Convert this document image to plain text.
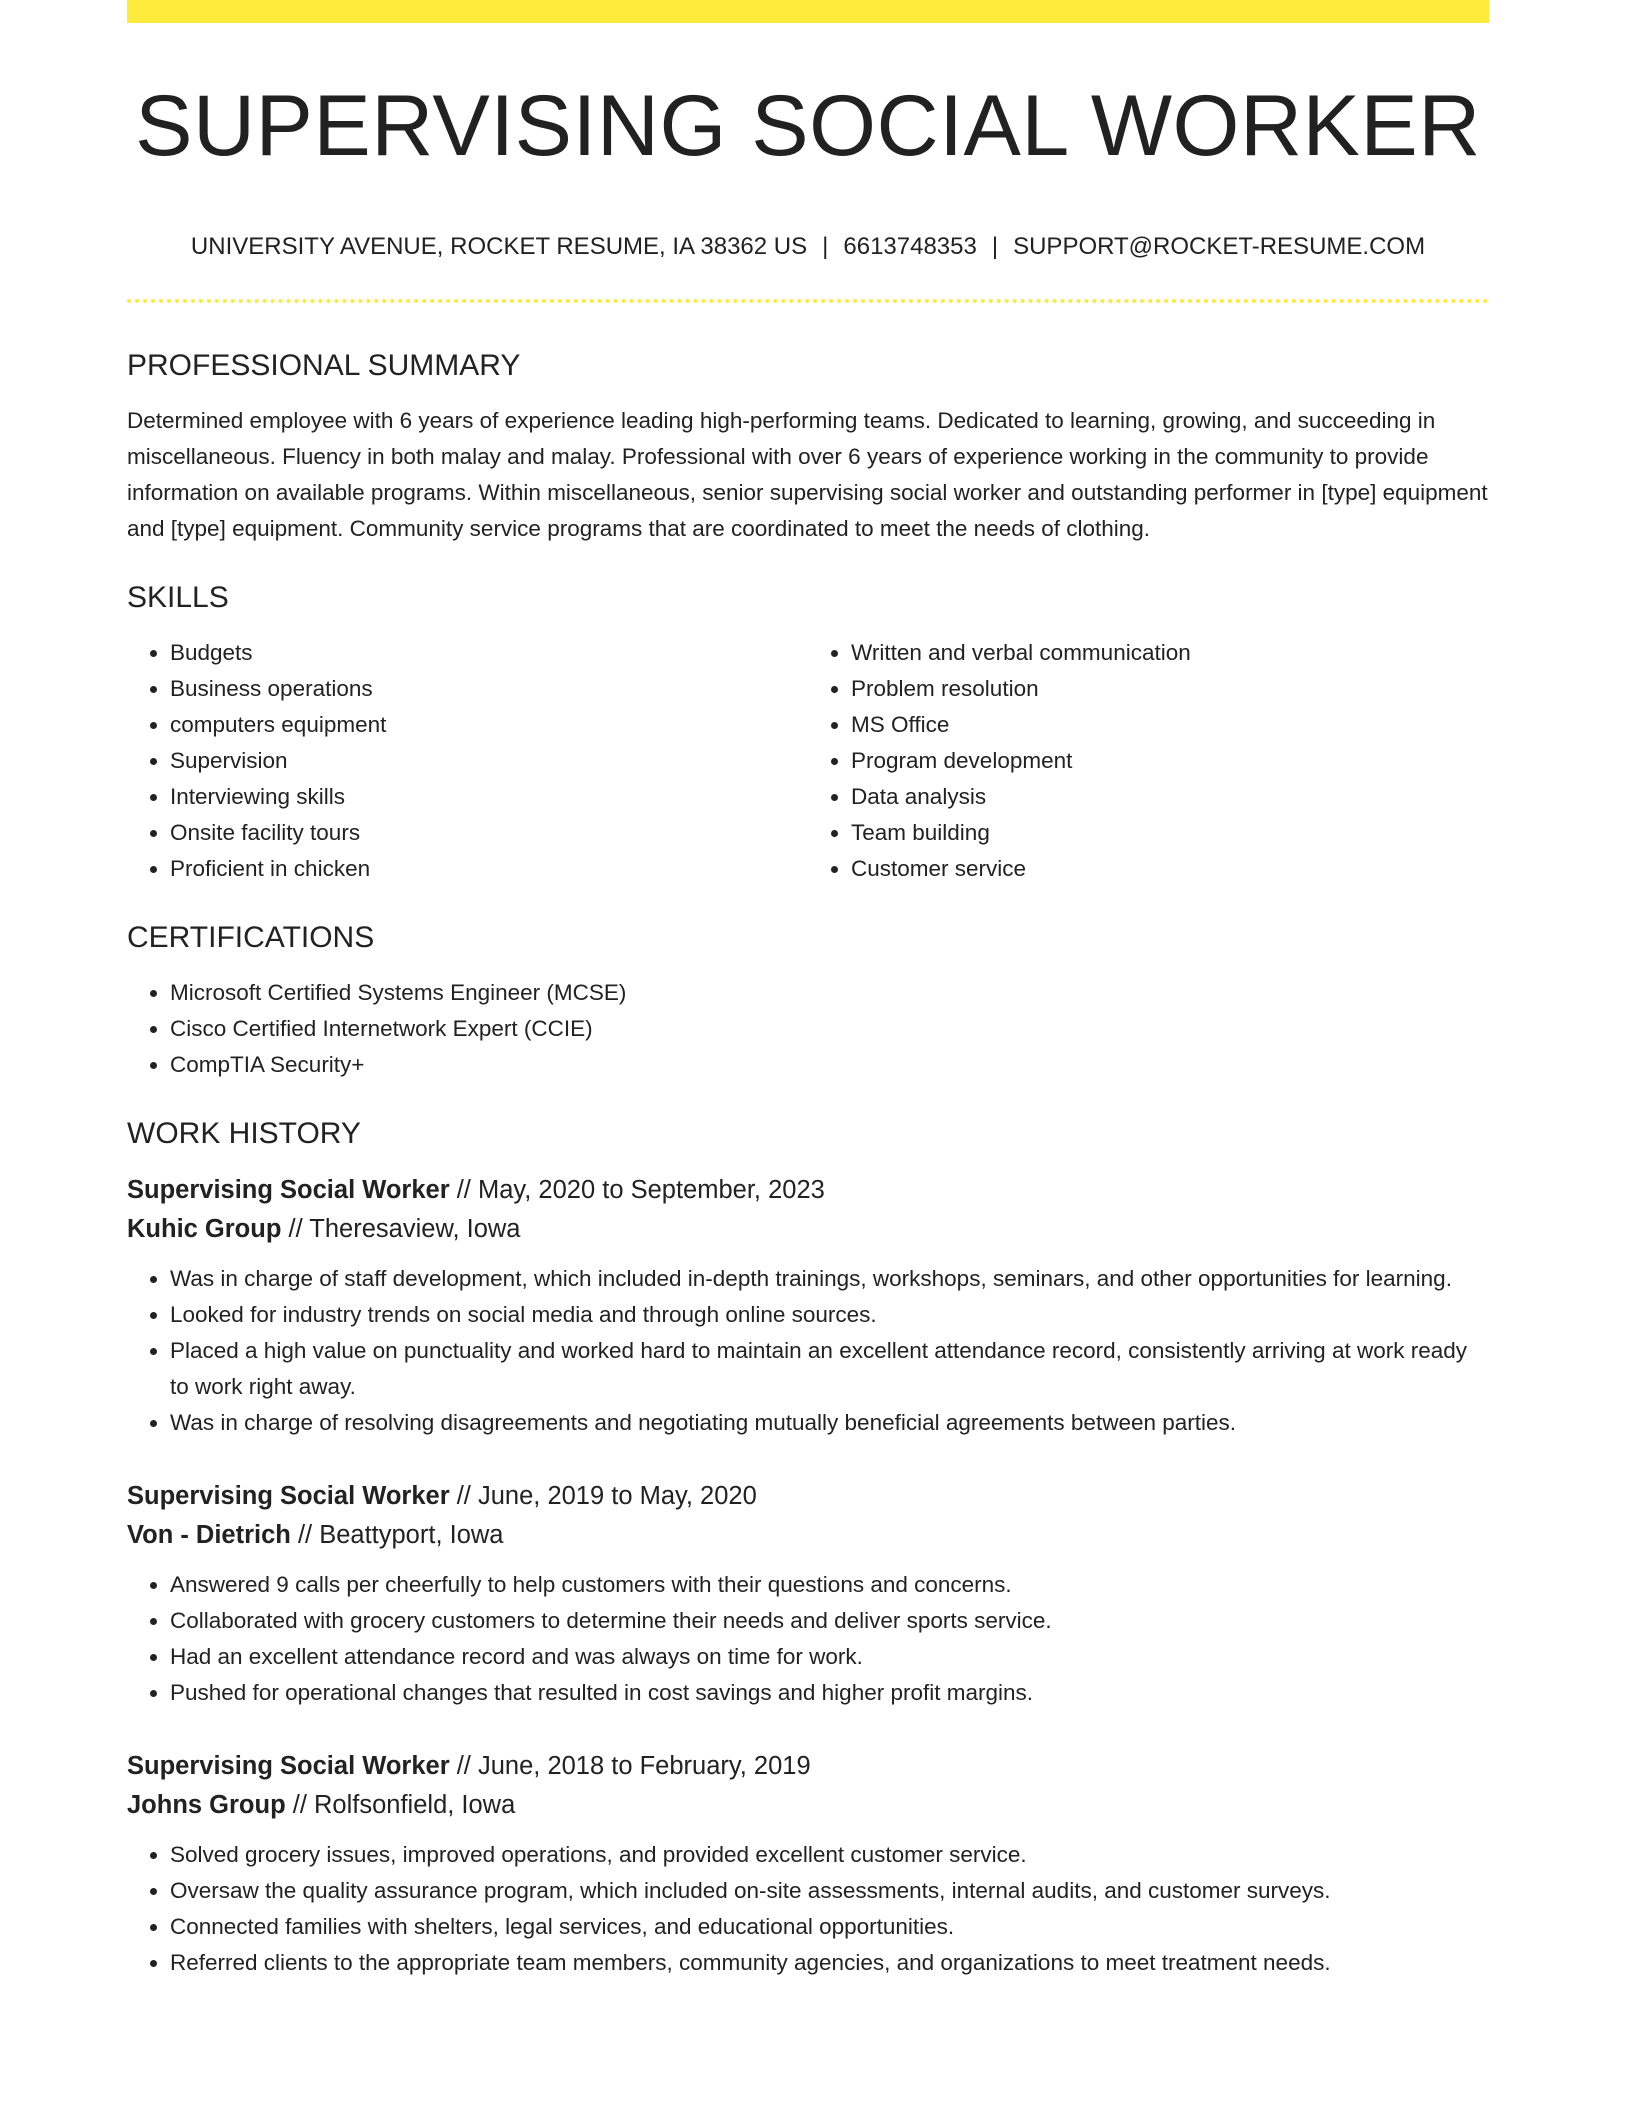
SUPERVISING SOCIAL WORKER
UNIVERSITY AVENUE, ROCKET RESUME, IA 38362 US | 6613748353 | SUPPORT@ROCKET-RESUME.COM
PROFESSIONAL SUMMARY
Determined employee with 6 years of experience leading high-performing teams. Dedicated to learning, growing, and succeeding in miscellaneous. Fluency in both malay and malay. Professional with over 6 years of experience working in the community to provide information on available programs. Within miscellaneous, senior supervising social worker and outstanding performer in [type] equipment and [type] equipment. Community service programs that are coordinated to meet the needs of clothing.
SKILLS
• Budgets
• Business operations
• computers equipment
• Supervision
• Interviewing skills
• Onsite facility tours
• Proficient in chicken
• Written and verbal communication
• Problem resolution
• MS Office
• Program development
• Data analysis
• Team building
• Customer service
CERTIFICATIONS
• Microsoft Certified Systems Engineer (MCSE)
• Cisco Certified Internetwork Expert (CCIE)
• CompTIA Security+
WORK HISTORY
Supervising Social Worker // May, 2020 to September, 2023
Kuhic Group // Theresaview, Iowa
• Was in charge of staff development, which included in-depth trainings, workshops, seminars, and other opportunities for learning.
• Looked for industry trends on social media and through online sources.
• Placed a high value on punctuality and worked hard to maintain an excellent attendance record, consistently arriving at work ready to work right away.
• Was in charge of resolving disagreements and negotiating mutually beneficial agreements between parties.
Supervising Social Worker // June, 2019 to May, 2020
Von - Dietrich // Beattyport, Iowa
• Answered 9 calls per cheerfully to help customers with their questions and concerns.
• Collaborated with grocery customers to determine their needs and deliver sports service.
• Had an excellent attendance record and was always on time for work.
• Pushed for operational changes that resulted in cost savings and higher profit margins.
Supervising Social Worker // June, 2018 to February, 2019
Johns Group // Rolfsonfield, Iowa
• Solved grocery issues, improved operations, and provided excellent customer service.
• Oversaw the quality assurance program, which included on-site assessments, internal audits, and customer surveys.
• Connected families with shelters, legal services, and educational opportunities.
• Referred clients to the appropriate team members, community agencies, and organizations to meet treatment needs.
